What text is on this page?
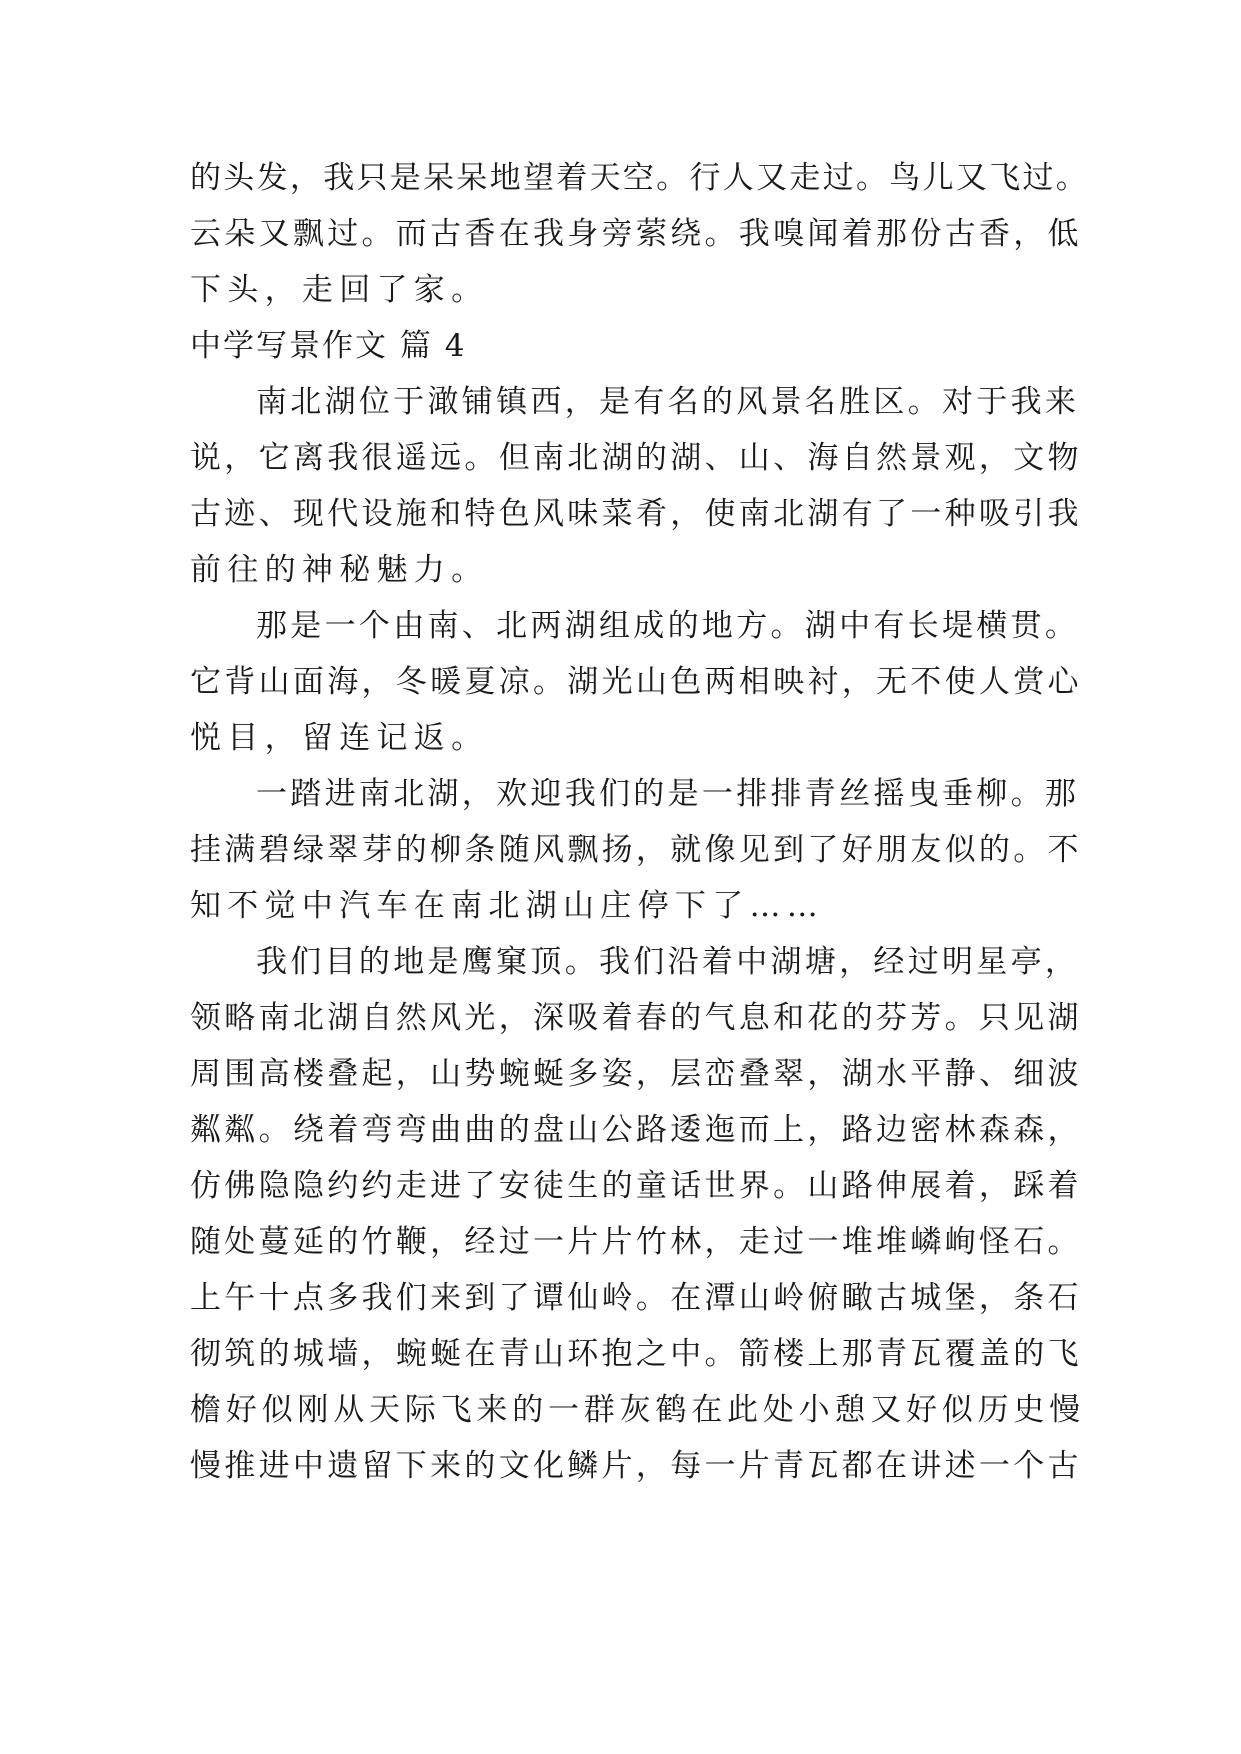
的头发，我只是呆呆地望着天空。行人又走过。鸟儿又飞过。
云朵又飘过。而古香在我身旁萦绕。我嗅闻着那份古香，低
下头，走回了家。
中学写景作文 篇 4
南北湖位于澉铺镇西，是有名的风景名胜区。对于我来
说，它离我很遥远。但南北湖的湖、山、海自然景观，文物
古迹、现代设施和特色风味菜肴，使南北湖有了一种吸引我
前往的神秘魅力。
那是一个由南、北两湖组成的地方。湖中有长堤横贯。
它背山面海，冬暖夏凉。湖光山色两相映衬，无不使人赏心
悦目，留连记返。
一踏进南北湖，欢迎我们的是一排排青丝摇曳垂柳。那
挂满碧绿翠芽的柳条随风飘扬，就像见到了好朋友似的。不
知不觉中汽车在南北湖山庄停下了……
我们目的地是鹰窠顶。我们沿着中湖塘，经过明星亭，
领略南北湖自然风光，深吸着春的气息和花的芬芳。只见湖
周围高楼叠起，山势蜿蜒多姿，层峦叠翠，湖水平静、细波
粼粼。绕着弯弯曲曲的盘山公路逶迤而上，路边密林森森，
仿佛隐隐约约走进了安徒生的童话世界。山路伸展着，踩着
随处蔓延的竹鞭，经过一片片竹林，走过一堆堆嶙峋怪石。
上午十点多我们来到了谭仙岭。在潭山岭俯瞰古城堡，条石
彻筑的城墙，蜿蜒在青山环抱之中。箭楼上那青瓦覆盖的飞
檐好似刚从天际飞来的一群灰鹤在此处小憩又好似历史慢
慢推进中遗留下来的文化鳞片，每一片青瓦都在讲述一个古
